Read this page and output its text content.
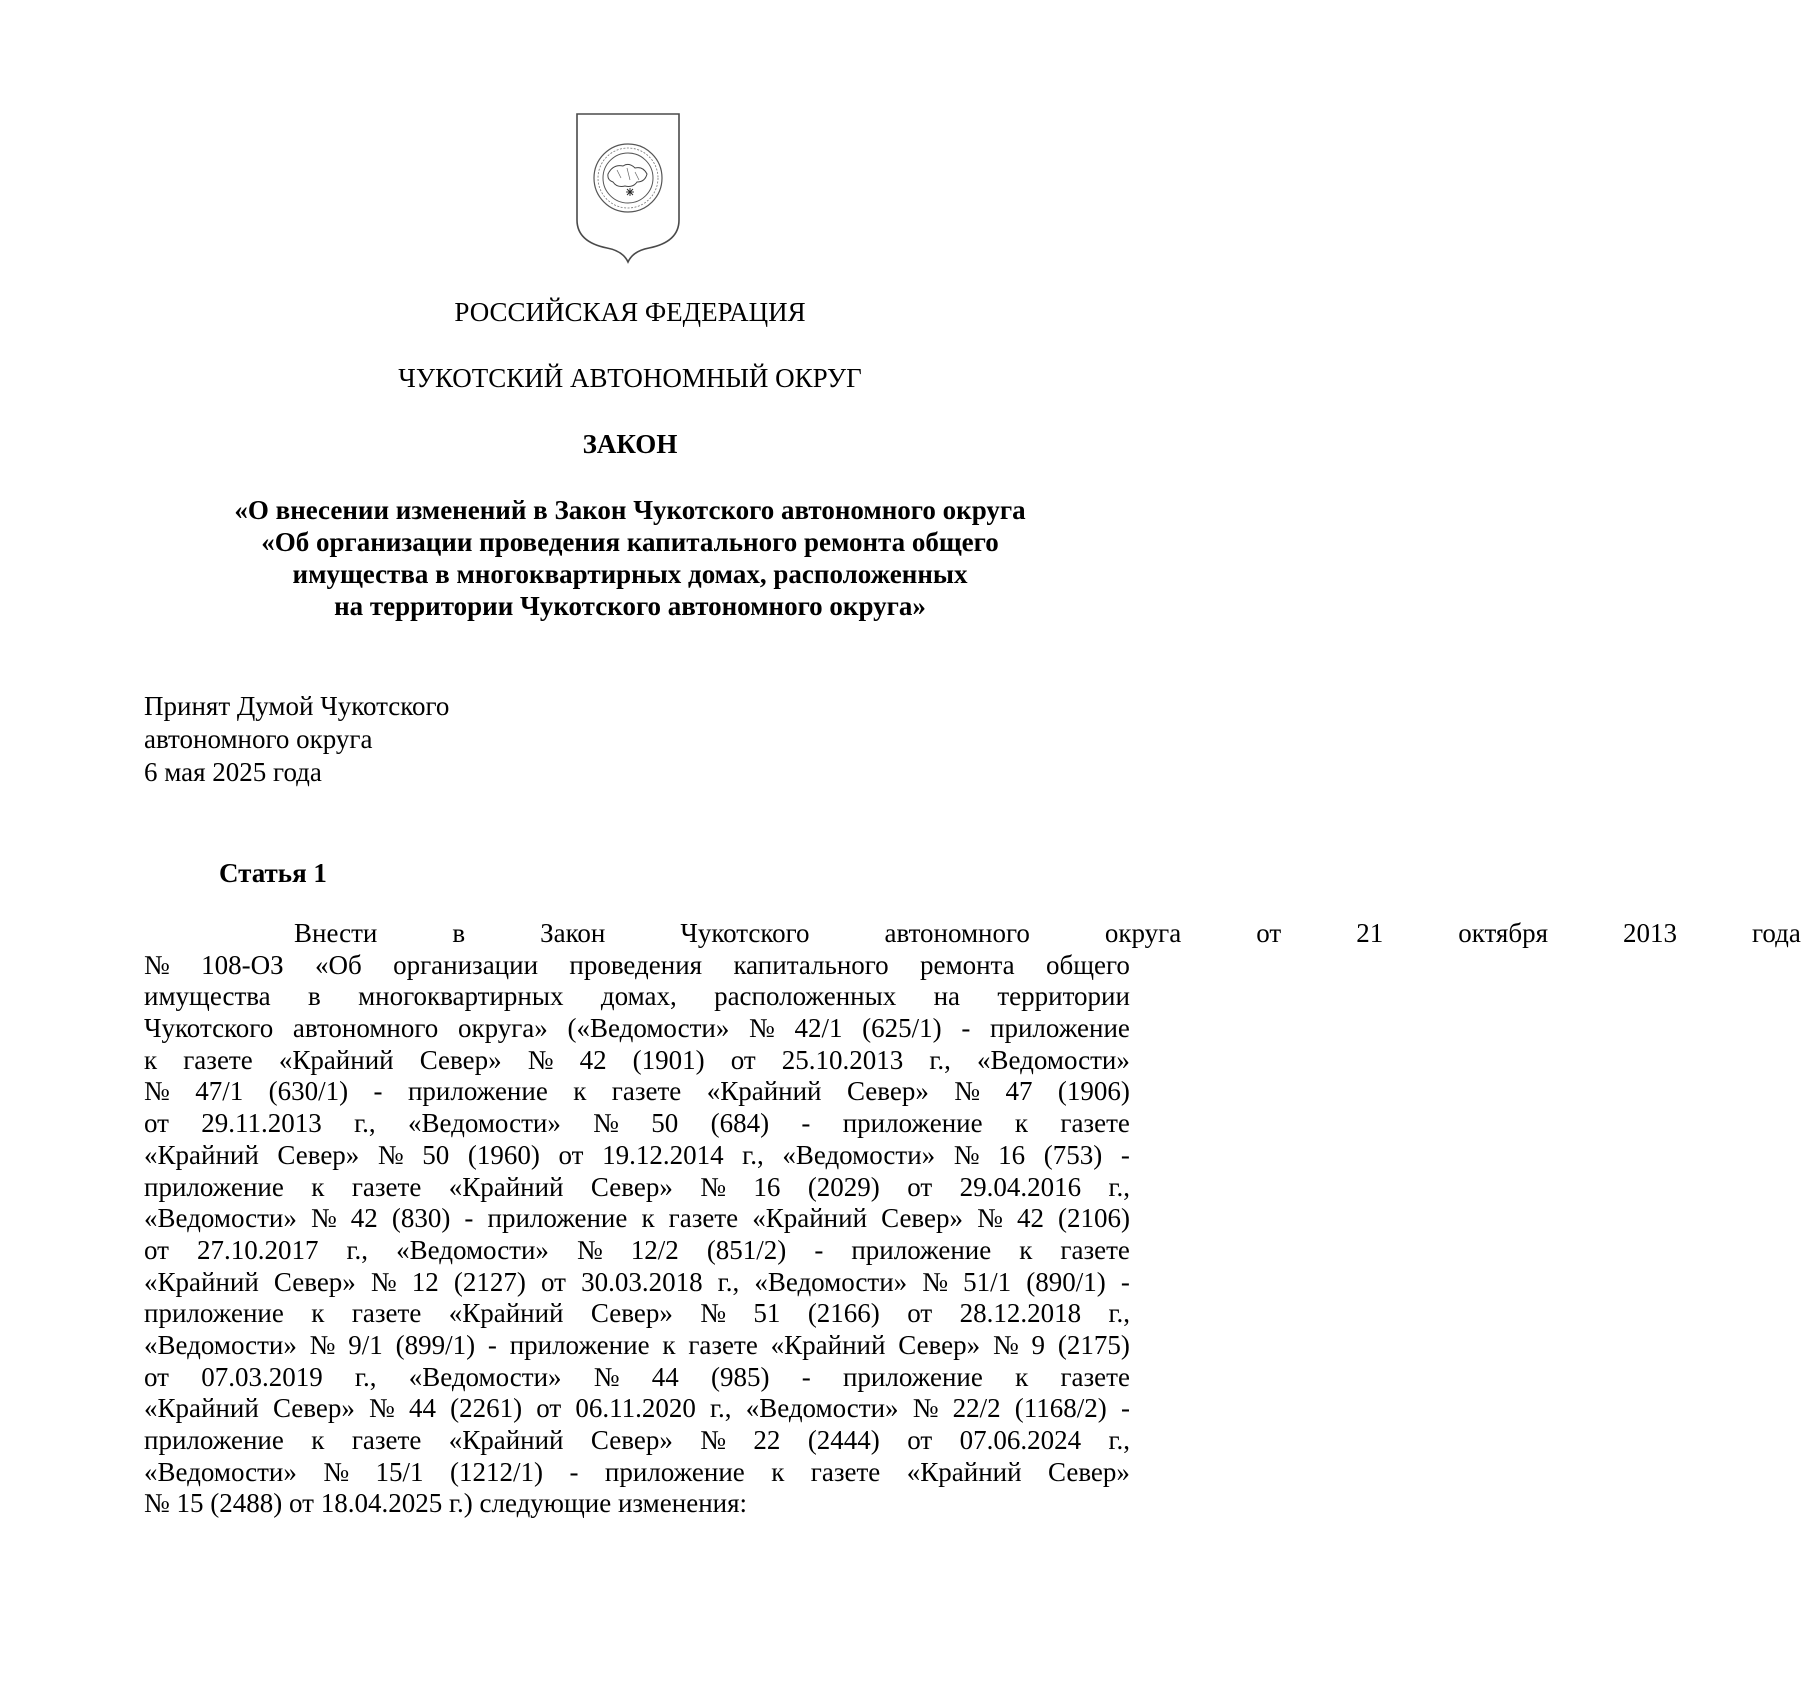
РОССИЙСКАЯ ФЕДЕРАЦИЯ
ЧУКОТСКИЙ АВТОНОМНЫЙ ОКРУГ
ЗАКОН
«О внесении изменений в Закон Чукотского автономного округа
«Об организации проведения капитального ремонта общего
имущества в многоквартирных домах, расположенных
на территории Чукотского автономного округа»
Принят Думой Чукотского
автономного округа
6 мая 2025 года
Статья 1
Внести	в	Закон	Чукотского	автономного	округа	от	21	октября	2013	года
№ 108-ОЗ «Об организации проведения капитального ремонта общего
имущества в многоквартирных домах, расположенных на территории
Чукотского автономного округа» («Ведомости» № 42/1 (625/1) - приложение
к газете «Крайний Север» № 42 (1901) от 25.10.2013 г., «Ведомости»
№ 47/1 (630/1) - приложение к газете «Крайний Север» № 47 (1906)
от 29.11.2013 г., «Ведомости» № 50 (684) - приложение к газете
«Крайний Север» № 50 (1960) от 19.12.2014 г., «Ведомости» № 16 (753) -
приложение к газете «Крайний Север» № 16 (2029) от 29.04.2016 г.,
«Ведомости» № 42 (830) - приложение к газете «Крайний Север» № 42 (2106)
от 27.10.2017 г., «Ведомости» № 12/2 (851/2) - приложение к газете
«Крайний Север» № 12 (2127) от 30.03.2018 г., «Ведомости» № 51/1 (890/1) -
приложение к газете «Крайний Север» № 51 (2166) от 28.12.2018 г.,
«Ведомости» № 9/1 (899/1) - приложение к газете «Крайний Север» № 9 (2175)
от 07.03.2019 г., «Ведомости» № 44 (985) - приложение к газете
«Крайний Север» № 44 (2261) от 06.11.2020 г., «Ведомости» № 22/2 (1168/2) -
приложение к газете «Крайний Север» № 22 (2444) от 07.06.2024 г.,
«Ведомости» № 15/1 (1212/1) - приложение к газете «Крайний Север»
№ 15 (2488) от 18.04.2025 г.) следующие изменения:
